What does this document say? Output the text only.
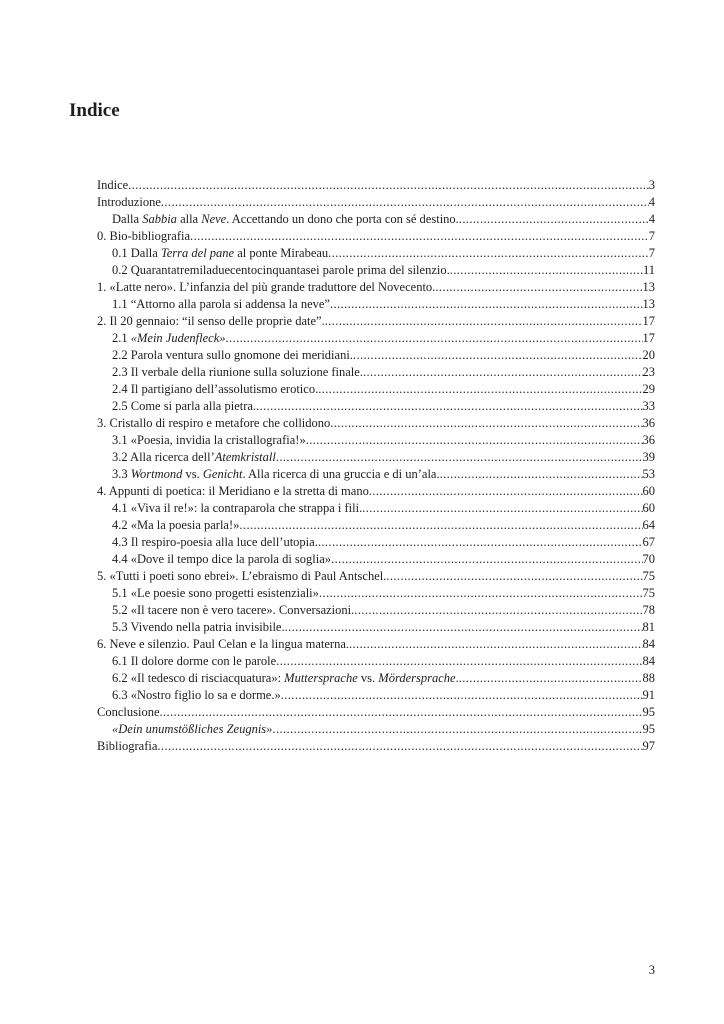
Indice
Indice .....	3
Introduzione .....	4
Dalla Sabbia alla Neve. Accettando un dono che porta con sé destino. .....	4
0. Bio-bibliografia .....	7
0.1 Dalla Terra del pane al ponte Mirabeau .....	7
0.2 Quarantatremiladuecentocinquantasei parole prima del silenzio. .....	11
1. «Latte nero». L’infanzia del più grande traduttore del Novecento. .....	13
1.1 “Attorno alla parola si addensa la neve” .....	13
2. Il 20 gennaio: “il senso delle proprie date”. .....	17
2.1 «Mein Judenfleck» .....	17
2.2 Parola ventura sullo gnomone dei meridiani. .....	20
2.3 Il verbale della riunione sulla soluzione finale. .....	23
2.4 Il partigiano dell’assolutismo erotico. .....	29
2.5 Come si parla alla pietra. .....	33
3. Cristallo di respiro e metafore che collidono .....	36
3.1 «Poesia, invidia la cristallografia!» .....	36
3.2 Alla ricerca dell’Atemkristall .....	39
3.3 Wortmond vs. Genicht. Alla ricerca di una gruccia e di un’ala. .....	53
4. Appunti di poetica: il Meridiano e la stretta di mano .....	60
4.1 «Viva il re!»: la contraparola che strappa i fili. .....	60
4.2 «Ma la poesia parla!» .....	64
4.3 Il respiro-poesia alla luce dell’utopia. .....	67
4.4 «Dove il tempo dice la parola di soglia» .....	70
5. «Tutti i poeti sono ebrei». L’ebraismo di Paul Antschel. .....	75
5.1 «Le poesie sono progetti esistenziali» .....	75
5.2 «Il tacere non è vero tacere». Conversazioni. .....	78
5.3 Vivendo nella patria invisibile. .....	81
6. Neve e silenzio. Paul Celan e la lingua materna. .....	84
6.1 Il dolore dorme con le parole .....	84
6.2 «Il tedesco di risciacquatura»: Muttersprache vs. Mördersprache. .....	88
6.3 «Nostro figlio lo sa e dorme.» .....	91
Conclusione .....	95
«Dein unumstößliches Zeugnis» .....	95
Bibliografia .....	97
3
